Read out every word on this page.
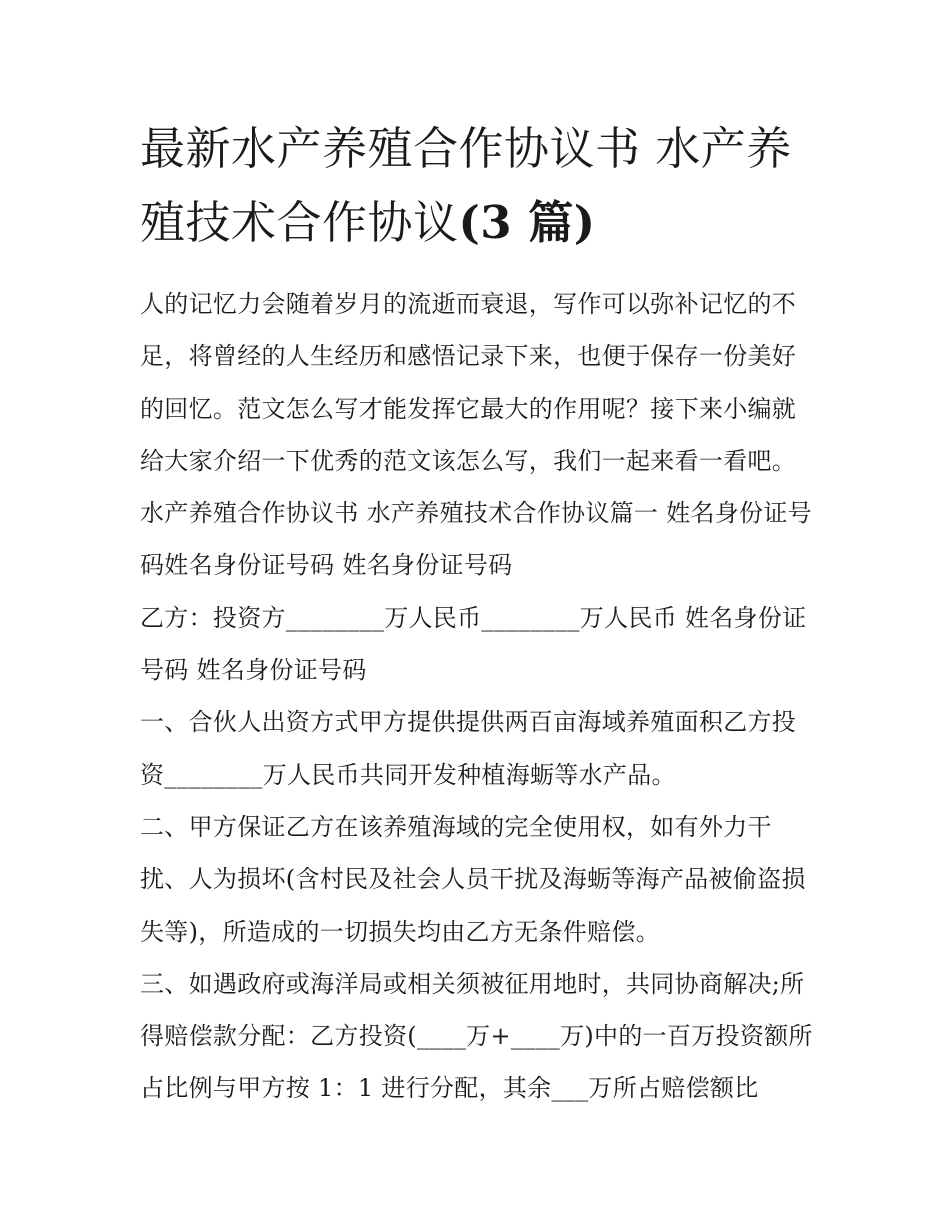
最新水产养殖合作协议书 水产养殖技术合作协议(3 篇)

人的记忆力会随着岁月的流逝而衰退，写作可以弥补记忆的不足，将曾经的人生经历和感悟记录下来，也便于保存一份美好的回忆。范文怎么写才能发挥它最大的作用呢？接下来小编就给大家介绍一下优秀的范文该怎么写，我们一起来看一看吧。

水产养殖合作协议书 水产养殖技术合作协议篇一 姓名身份证号码姓名身份证号码 姓名身份证号码

乙方：投资方________万人民币________万人民币 姓名身份证号码 姓名身份证号码

一、合伙人出资方式甲方提供提供两百亩海域养殖面积乙方投资________万人民币共同开发种植海蛎等水产品。

二、甲方保证乙方在该养殖海域的完全使用权，如有外力干扰、人为损坏(含村民及社会人员干扰及海蛎等海产品被偷盗损失等)，所造成的一切损失均由乙方无条件赔偿。

三、如遇政府或海洋局或相关须被征用地时，共同协商解决;所得赔偿款分配：乙方投资(____万+____万)中的一百万投资额所占比例与甲方按 1：1 进行分配，其余___万所占赔偿额比
